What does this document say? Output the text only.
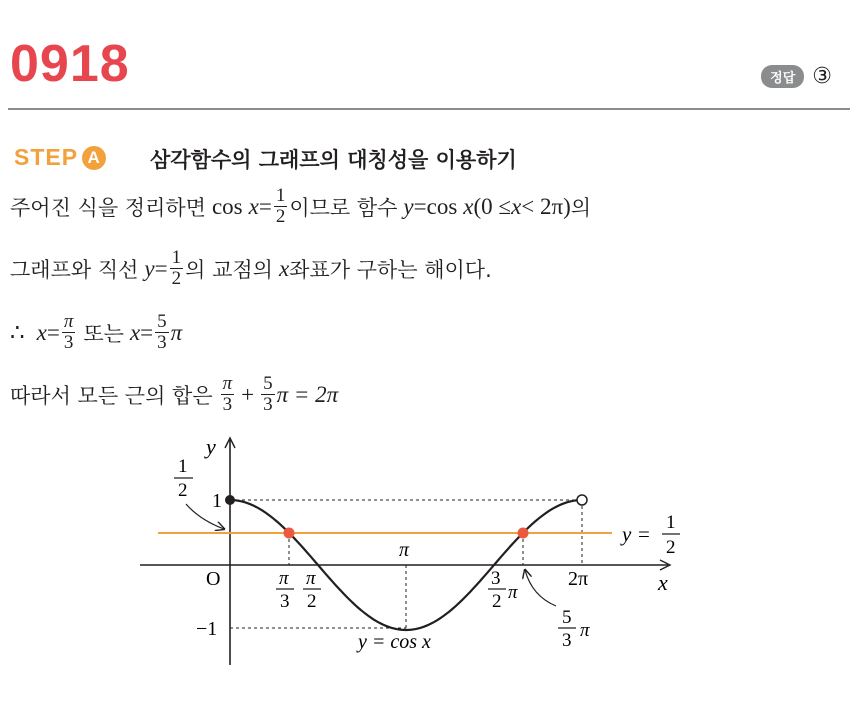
0918	정답 ③
STEP A 삼각함수의 그래프의 대칭성을 이용하기
주어진 식을 정리하면 $\cos x = \frac{1}{2}$ 이므로 함수 y = cos x (0 ≤ x < 2π) 의
그래프와 직선 $y = \frac{1}{2}$ 의 교점의 x 좌표가 구하는 해이다.
∴ $x = \frac{\pi}{3}$ 또는 $x = \frac{5}{3}$ π
따라서 모든 근의 합은 $\frac{\pi}{3} + \frac{5}{3}$ π = 2π
y
x
O
1
−1
1
2
π
3
π
2
π
3
2 π
2π
5
3 π
y = cos x
y = 1
2
